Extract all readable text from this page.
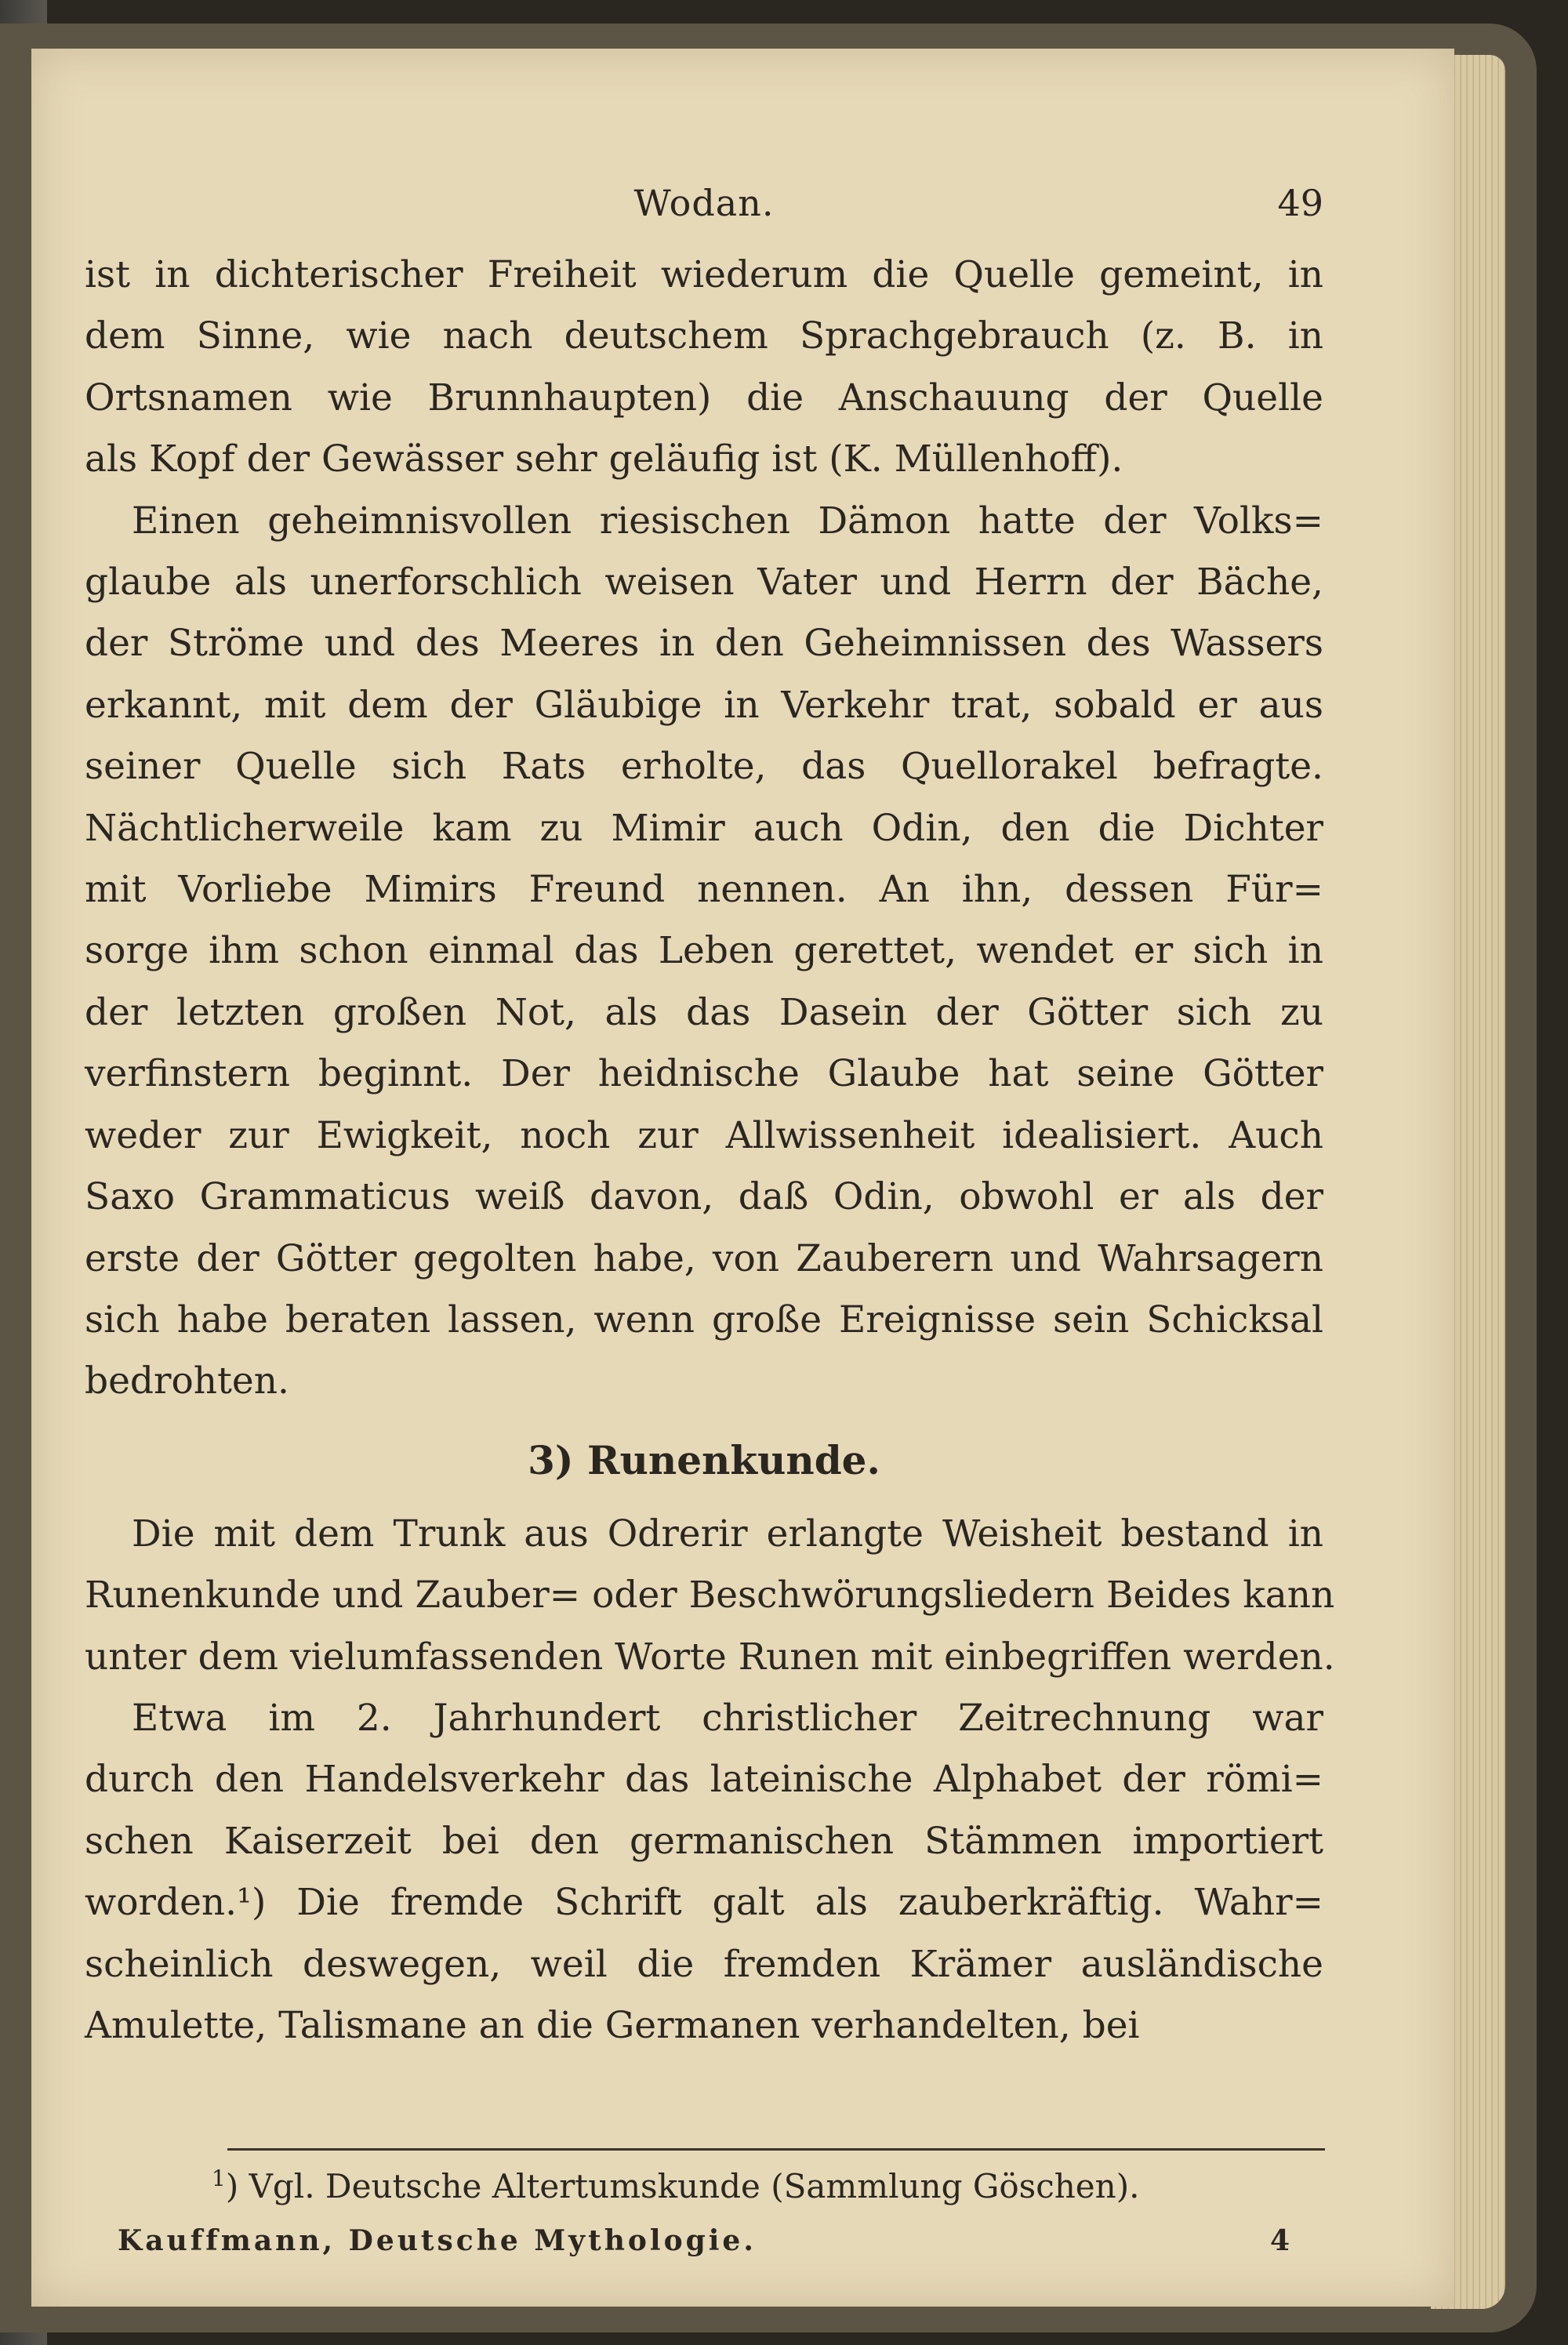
Wodan.	49

ist in dichterischer Freiheit wiederum die Quelle gemeint, in
dem Sinne, wie nach deutschem Sprachgebrauch (z. B. in
Ortsnamen wie Brunnhaupten) die Anschauung der Quelle
als Kopf der Gewässer sehr geläufig ist (K. Müllenhoff).

Einen geheimnisvollen riesischen Dämon hatte der Volks=
glaube als unerforschlich weisen Vater und Herrn der Bäche,
der Ströme und des Meeres in den Geheimnissen des Wassers
erkannt, mit dem der Gläubige in Verkehr trat, sobald er aus
seiner Quelle sich Rats erholte, das Quellorakel befragte.
Nächtlicherweile kam zu Mimir auch Odin, den die Dichter
mit Vorliebe Mimirs Freund nennen. An ihn, dessen Für=
sorge ihm schon einmal das Leben gerettet, wendet er sich in
der letzten großen Not, als das Dasein der Götter sich zu
verfinstern beginnt. Der heidnische Glaube hat seine Götter
weder zur Ewigkeit, noch zur Allwissenheit idealisiert. Auch
Saxo Grammaticus weiß davon, daß Odin, obwohl er als der
erste der Götter gegolten habe, von Zauberern und Wahrsagern
sich habe beraten lassen, wenn große Ereignisse sein Schicksal
bedrohten.

3) Runenkunde.

Die mit dem Trunk aus Odrerir erlangte Weisheit bestand in
Runenkunde und Zauber= oder Beschwörungsliedern Beides kann
unter dem vielumfassenden Worte Runen mit einbegriffen werden.

Etwa im 2. Jahrhundert christlicher Zeitrechnung war
durch den Handelsverkehr das lateinische Alphabet der römi=
schen Kaiserzeit bei den germanischen Stämmen importiert
worden.¹) Die fremde Schrift galt als zauberkräftig. Wahr=
scheinlich deswegen, weil die fremden Krämer ausländische
Amulette, Talismane an die Germanen verhandelten, bei

$^1$) Vgl. Deutsche Altertumskunde (Sammlung Göschen).
Kauffmann, Deutsche Mythologie.	4
